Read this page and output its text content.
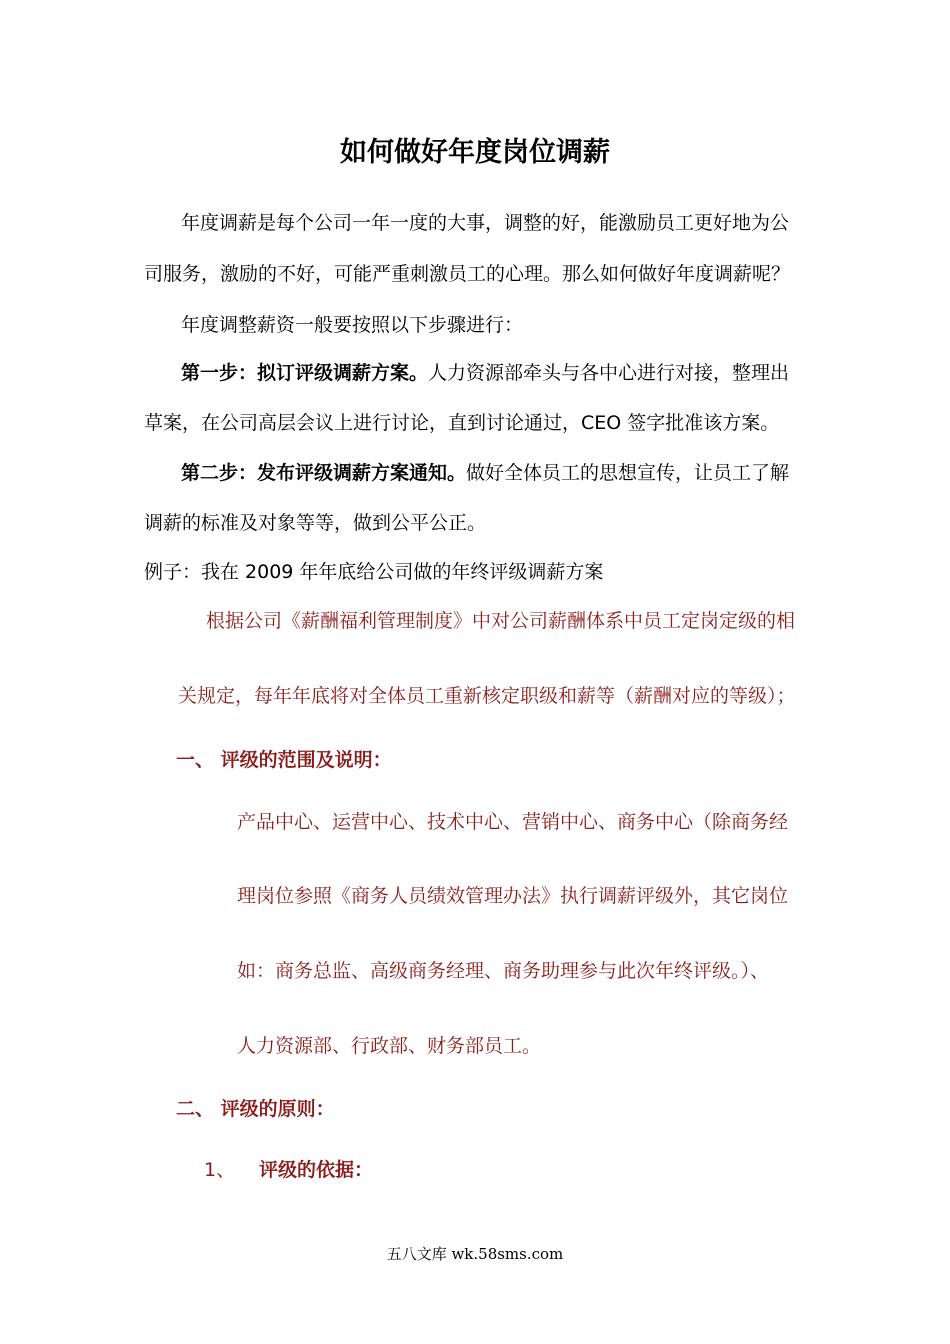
如何做好年度岗位调薪
年度调薪是每个公司一年一度的大事，调整的好，能激励员工更好地为公
司服务，激励的不好，可能严重刺激员工的心理。那么如何做好年度调薪呢？
年度调整薪资一般要按照以下步骤进行：
第一步：拟订评级调薪方案。人力资源部牵头与各中心进行对接，整理出
草案，在公司高层会议上进行讨论，直到讨论通过，CEO 签字批准该方案。
第二步：发布评级调薪方案通知。做好全体员工的思想宣传，让员工了解
调薪的标准及对象等等，做到公平公正。
例子：我在 2009 年年底给公司做的年终评级调薪方案
根据公司《薪酬福利管理制度》中对公司薪酬体系中员工定岗定级的相
关规定，每年年底将对全体员工重新核定职级和薪等（薪酬对应的等级）；
一、 评级的范围及说明：
产品中心、运营中心、技术中心、营销中心、商务中心（除商务经
理岗位参照《商务人员绩效管理办法》执行调薪评级外，其它岗位
如：商务总监、高级商务经理、商务助理参与此次年终评级。）、
人力资源部、行政部、财务部员工。
二、 评级的原则：
1、 评级的依据：
五八文库 wk.58sms.com
